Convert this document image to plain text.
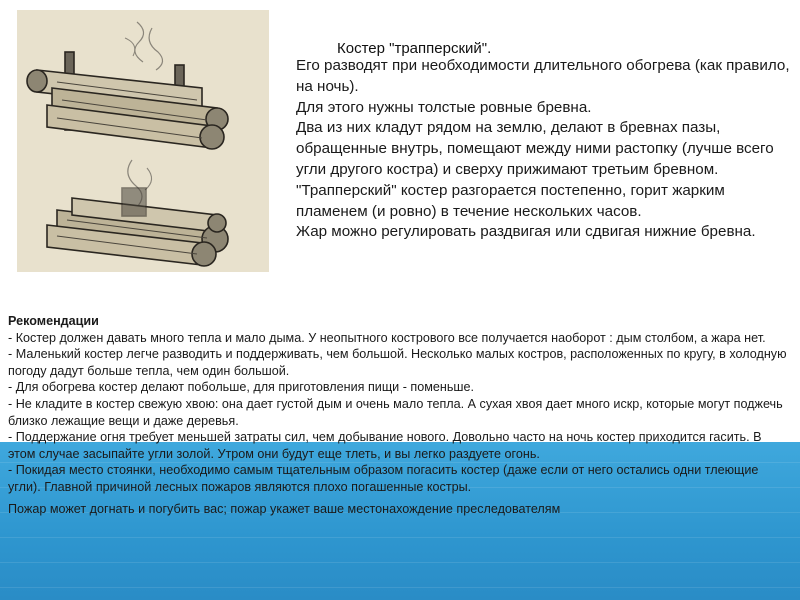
Костер "трапперский".
Его разводят при необходимости длительного обогрева (как правило, на ночь).
Для этого нужны толстые ровные бревна.
Два из них кладут рядом на землю, делают в бревнах пазы, обращенные внутрь, помещают между ними растопку (лучше всего угли другого костра) и сверху прижимают третьим бревном.
"Трапперский" костер разгорается постепенно, горит жарким пламенем (и ровно) в течение нескольких часов.
Жар можно регулировать раздвигая или сдвигая нижние бревна.
Рекомендации
- Костер должен давать много тепла и мало дыма. У неопытного кострового все получается наоборот : дым столбом, а жара нет.
- Маленький костер легче разводить и поддерживать, чем большой. Несколько малых костров, расположенных по кругу, в холодную погоду дадут больше тепла, чем один большой.
- Для обогрева костер делают побольше, для приготовления пищи - поменьше.
- Не кладите в костер свежую хвою: она дает густой дым и очень мало тепла. А сухая хвоя дает много искр, которые могут поджечь близко лежащие вещи и даже деревья.
- Поддержание огня требует меньшей затраты сил, чем добывание нового. Довольно часто на ночь костер приходится гасить. В этом случае засыпайте угли золой. Утром они будут еще тлеть, и вы легко раздуете огонь.
- Покидая место стоянки, необходимо самым тщательным образом погасить костер (даже если от него остались одни тлеющие угли). Главной причиной лесных пожаров являются плохо погашенные костры.
Пожар может догнать и погубить вас; пожар укажет ваше местонахождение преследователям
